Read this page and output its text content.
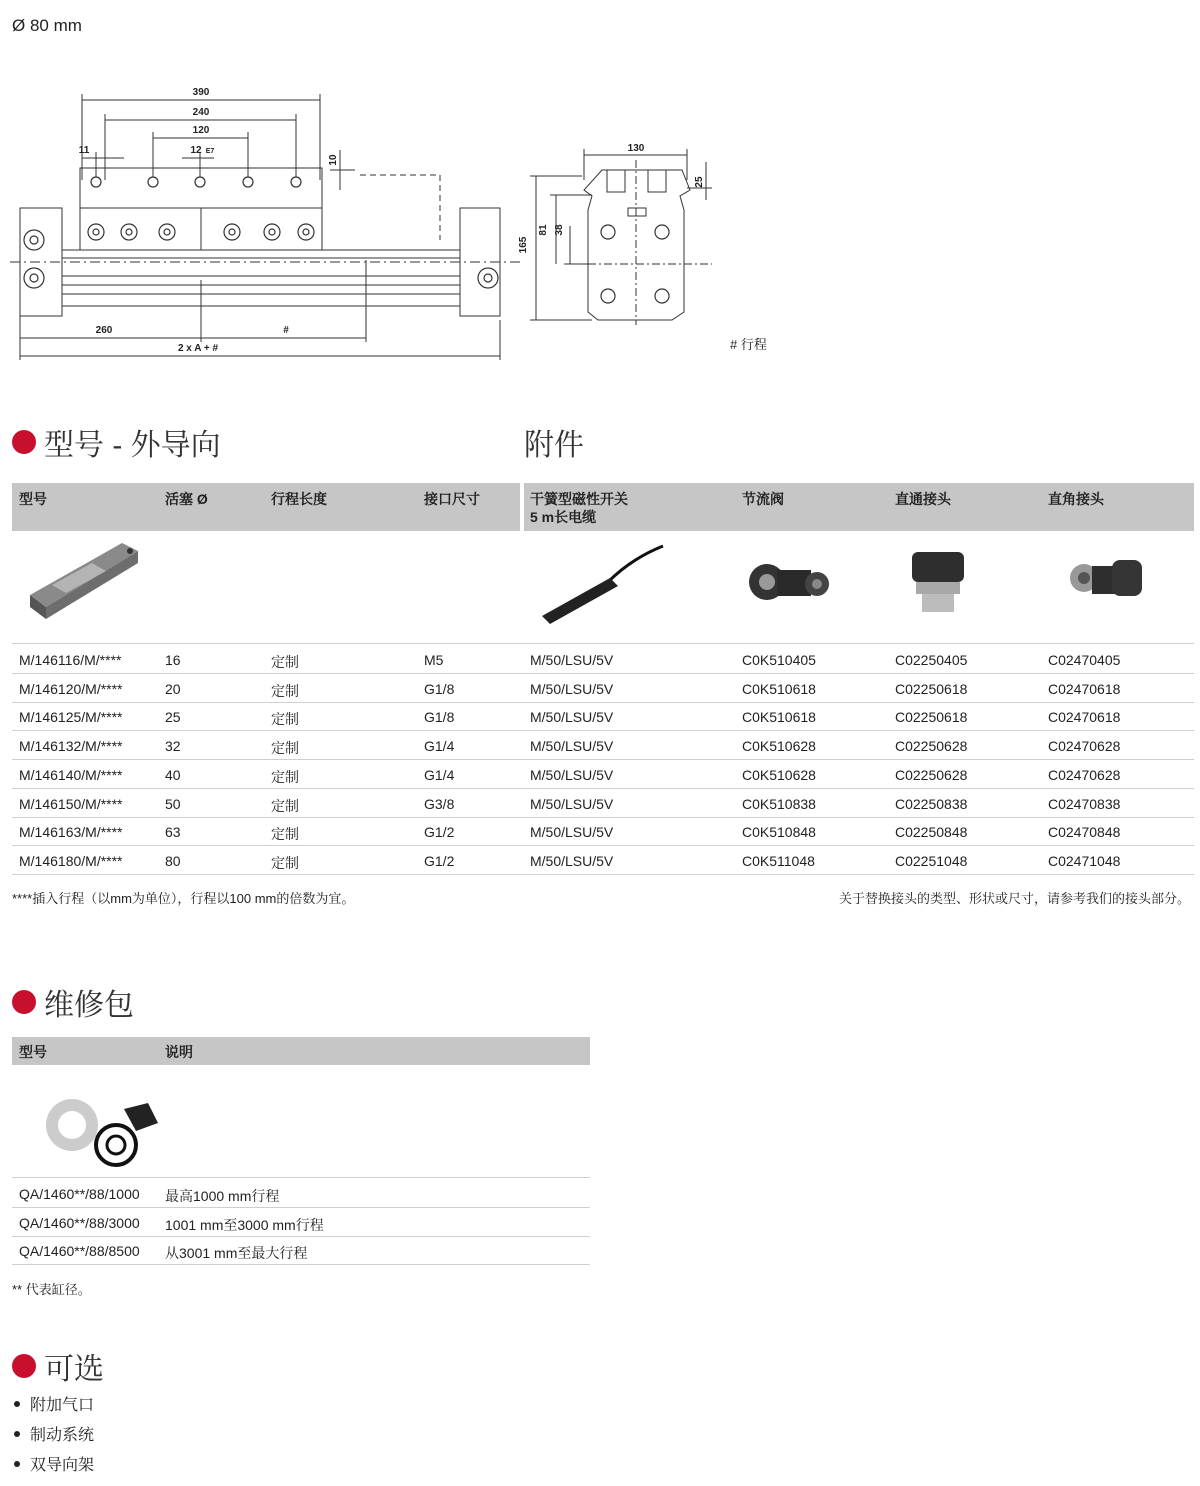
Ø 80 mm
390
240
120
12 E7
11
10
260	#
2 x A + #
130
25
165
81 38
# 行程
型号 - 外导向	附件
型号	活塞 Ø	行程长度	接口尺寸	干簧型磁性开关
5 m长电缆
节流阀	直通接头	直角接头
M/146116/M/****	16	定制	M5	M/50/LSU/5V	C0K510405	C02250405	C02470405
M/146120/M/****	20	定制	G1/8	M/50/LSU/5V	C0K510618	C02250618	C02470618
M/146125/M/****	25	定制	G1/8	M/50/LSU/5V	C0K510618	C02250618	C02470618
M/146132/M/****	32	定制	G1/4	M/50/LSU/5V	C0K510628	C02250628	C02470628
M/146140/M/****	40	定制	G1/4	M/50/LSU/5V	C0K510628	C02250628	C02470628
M/146150/M/****	50	定制	G3/8	M/50/LSU/5V	C0K510838	C02250838	C02470838
M/146163/M/****	63	定制	G1/2	M/50/LSU/5V	C0K510848	C02250848	C02470848
M/146180/M/****	80	定制	G1/2	M/50/LSU/5V	C0K511048	C02251048	C02471048
****插入行程（以mm为单位），行程以100 mm的倍数为宜。	关于替换接头的类型、形状或尺寸，请参考我们的接头部分。
维修包
型号	说明
QA/1460**/88/1000 最高1000 mm行程
QA/1460**/88/3000 1001 mm至3000 mm行程
QA/1460**/88/8500 从3001 mm至最大行程
** 代表缸径。
可选
附加气口
制动系统
双导向架
